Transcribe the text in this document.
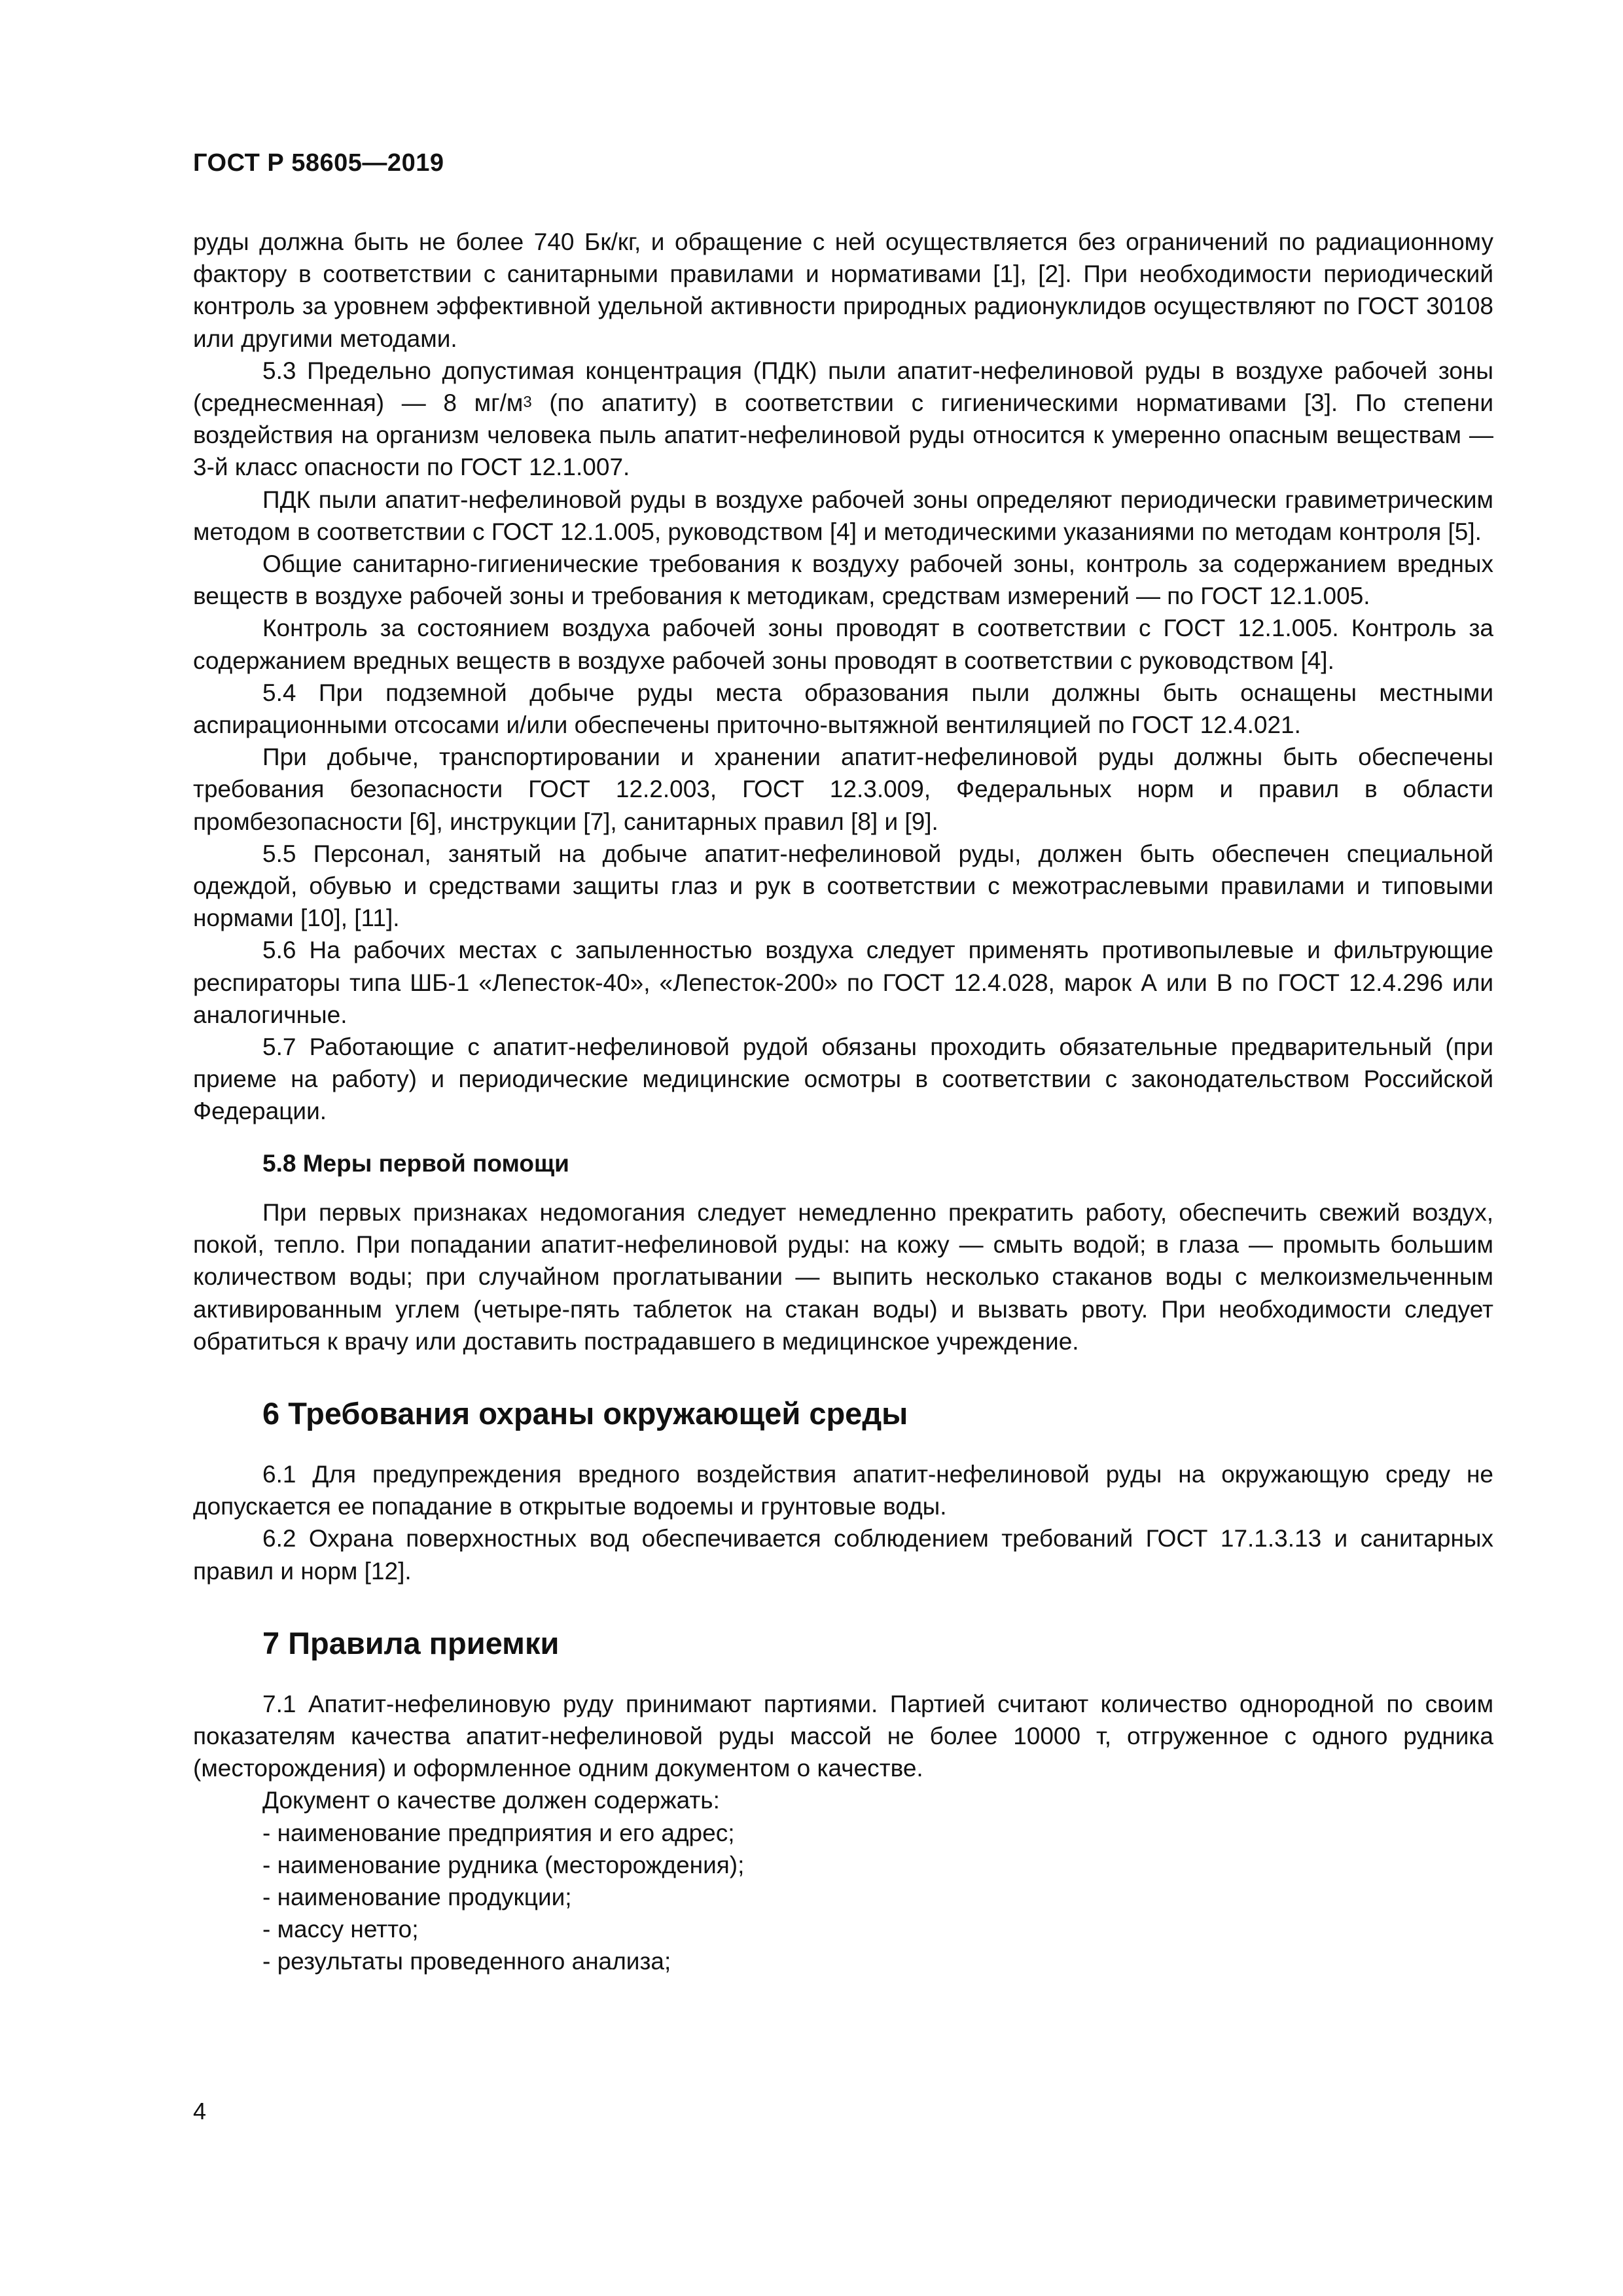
ГОСТ Р 58605—2019

руды должна быть не более 740 Бк/кг, и обращение с ней осуществляется без ограничений по радиационному фактору в соответствии с санитарными правилами и нормативами [1], [2]. При необходимости периодический контроль за уровнем эффективной удельной активности природных радионуклидов осуществляют по ГОСТ 30108 или другими методами.

5.3 Предельно допустимая концентрация (ПДК) пыли апатит-нефелиновой руды в воздухе рабочей зоны (среднесменная) — 8 $мг/м^3$ (по апатиту) в соответствии с гигиеническими нормативами [3]. По степени воздействия на организм человека пыль апатит-нефелиновой руды относится к умеренно опасным веществам — 3-й класс опасности по ГОСТ 12.1.007.

ПДК пыли апатит-нефелиновой руды в воздухе рабочей зоны определяют периодически гравиметрическим методом в соответствии с ГОСТ 12.1.005, руководством [4] и методическими указаниями по методам контроля [5].

Общие санитарно-гигиенические требования к воздуху рабочей зоны, контроль за содержанием вредных веществ в воздухе рабочей зоны и требования к методикам, средствам измерений — по ГОСТ 12.1.005.

Контроль за состоянием воздуха рабочей зоны проводят в соответствии с ГОСТ 12.1.005. Контроль за содержанием вредных веществ в воздухе рабочей зоны проводят в соответствии с руководством [4].

5.4 При подземной добыче руды места образования пыли должны быть оснащены местными аспирационными отсосами и/или обеспечены приточно-вытяжной вентиляцией по ГОСТ 12.4.021.

При добыче, транспортировании и хранении апатит-нефелиновой руды должны быть обеспечены требования безопасности ГОСТ 12.2.003, ГОСТ 12.3.009, Федеральных норм и правил в области промбезопасности [6], инструкции [7], санитарных правил [8] и [9].

5.5 Персонал, занятый на добыче апатит-нефелиновой руды, должен быть обеспечен специальной одеждой, обувью и средствами защиты глаз и рук в соответствии с межотраслевыми правилами и типовыми нормами [10], [11].

5.6 На рабочих местах с запыленностью воздуха следует применять противопылевые и фильтрующие респираторы типа ШБ-1 «Лепесток-40», «Лепесток-200» по ГОСТ 12.4.028, марок А или В по ГОСТ 12.4.296 или аналогичные.

5.7 Работающие с апатит-нефелиновой рудой обязаны проходить обязательные предварительный (при приеме на работу) и периодические медицинские осмотры в соответствии с законодательством Российской Федерации.

5.8 Меры первой помощи

При первых признаках недомогания следует немедленно прекратить работу, обеспечить свежий воздух, покой, тепло. При попадании апатит-нефелиновой руды: на кожу — смыть водой; в глаза — промыть большим количеством воды; при случайном проглатывании — выпить несколько стаканов воды с мелкоизмельченным активированным углем (четыре-пять таблеток на стакан воды) и вызвать рвоту. При необходимости следует обратиться к врачу или доставить пострадавшего в медицинское учреждение.

6 Требования охраны окружающей среды

6.1 Для предупреждения вредного воздействия апатит-нефелиновой руды на окружающую среду не допускается ее попадание в открытые водоемы и грунтовые воды.

6.2 Охрана поверхностных вод обеспечивается соблюдением требований ГОСТ 17.1.3.13 и санитарных правил и норм [12].

7 Правила приемки

7.1 Апатит-нефелиновую руду принимают партиями. Партией считают количество однородной по своим показателям качества апатит-нефелиновой руды массой не более 10000 т, отгруженное с одного рудника (месторождения) и оформленное одним документом о качестве.

Документ о качестве должен содержать:

- наименование предприятия и его адрес;
- наименование рудника (месторождения);
- наименование продукции;
- массу нетто;
- результаты проведенного анализа;
4
